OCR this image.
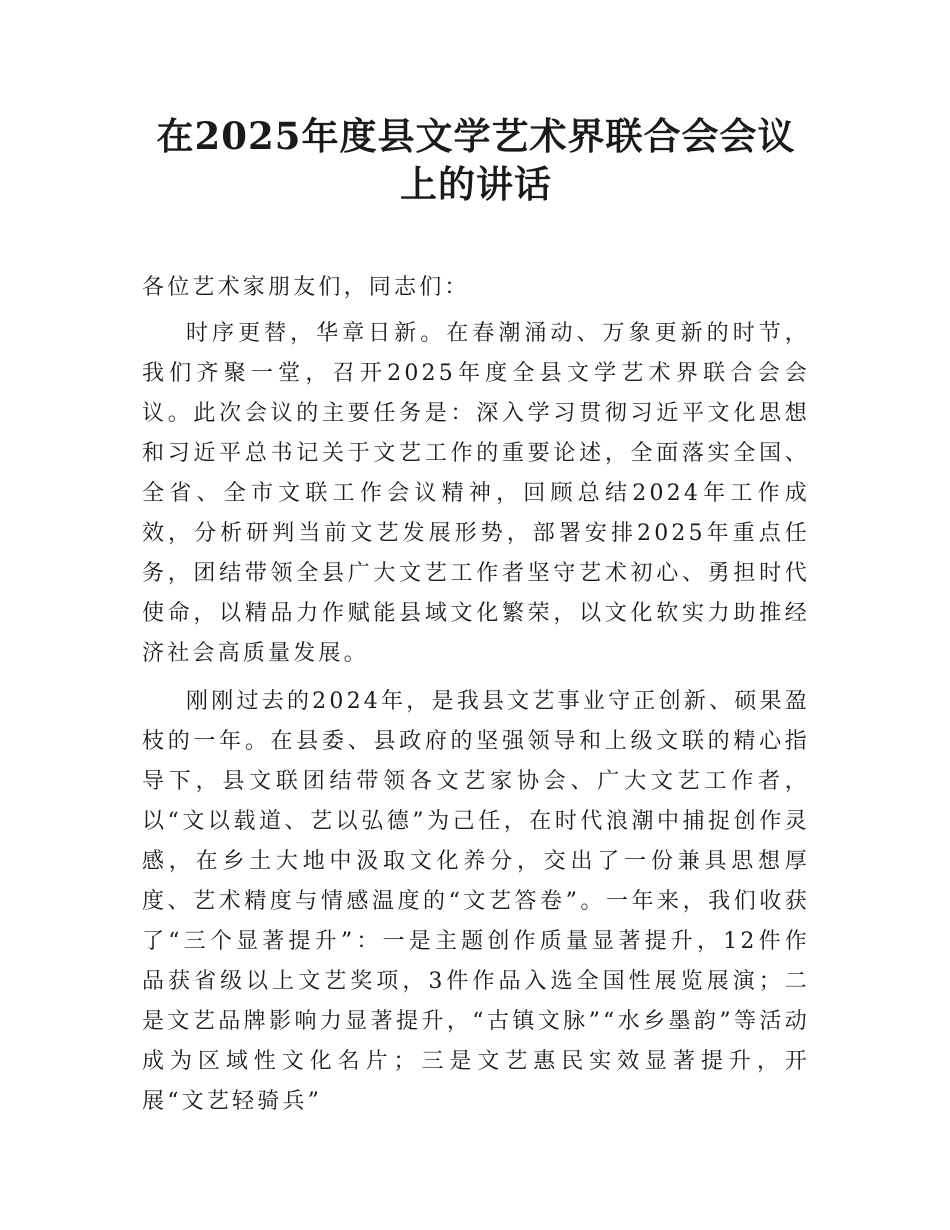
在2025年度县文学艺术界联合会会议上的讲话

各位艺术家朋友们，同志们：

时序更替，华章日新。在春潮涌动、万象更新的时节，我们齐聚一堂，召开2025年度全县文学艺术界联合会会议。此次会议的主要任务是：深入学习贯彻习近平文化思想和习近平总书记关于文艺工作的重要论述，全面落实全国、全省、全市文联工作会议精神，回顾总结2024年工作成效，分析研判当前文艺发展形势，部署安排2025年重点任务，团结带领全县广大文艺工作者坚守艺术初心、勇担时代使命，以精品力作赋能县域文化繁荣，以文化软实力助推经济社会高质量发展。

刚刚过去的2024年，是我县文艺事业守正创新、硕果盈枝的一年。在县委、县政府的坚强领导和上级文联的精心指导下，县文联团结带领各文艺家协会、广大文艺工作者，以“文以载道、艺以弘德”为己任，在时代浪潮中捕捉创作灵感，在乡土大地中汲取文化养分，交出了一份兼具思想厚度、艺术精度与情感温度的“文艺答卷”。一年来，我们收获了“三个显著提升”：一是主题创作质量显著提升，12件作品获省级以上文艺奖项，3件作品入选全国性展览展演；二是文艺品牌影响力显著提升，“古镇文脉”“水乡墨韵”等活动成为区域性文化名片；三是文艺惠民实效显著提升，开展“文艺轻骑兵”
